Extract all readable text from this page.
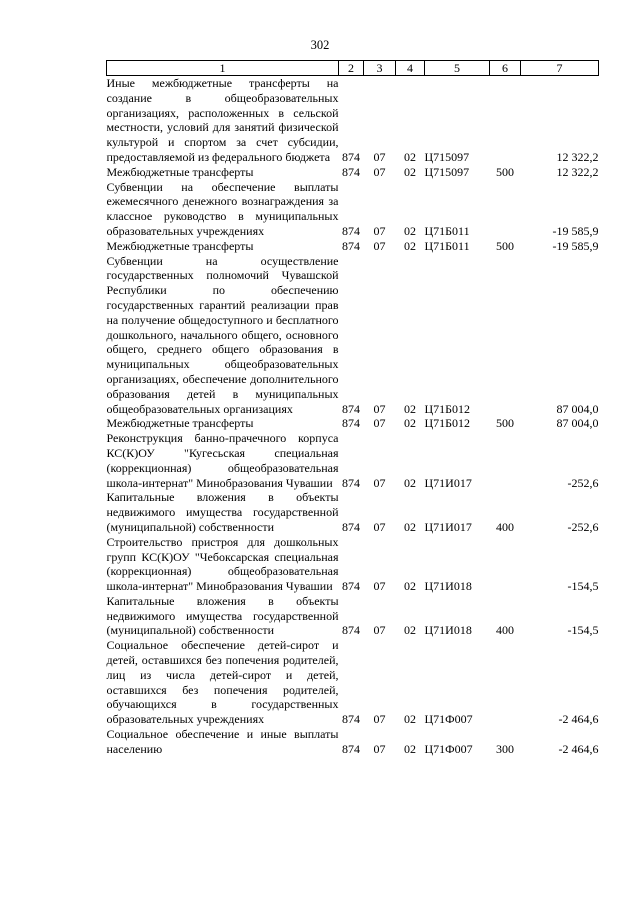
302
1	2	3	4	5	6	7
Иные межбюджетные трансферты на создание в общеобразовательных организациях, расположенных в сельской местности, условий для занятий физической культурой и спортом за счет субсидии, предоставляемой из федерального бюджета	874	07	02	Ц715097		12 322,2
Межбюджетные трансферты	874	07	02	Ц715097	500	12 322,2
Субвенции на обеспечение выплаты ежемесячного денежного вознаграждения за классное руководство в муниципальных образовательных учреждениях	874	07	02	Ц71Б011		-19 585,9
Межбюджетные трансферты	874	07	02	Ц71Б011	500	-19 585,9
Субвенции на осуществление государственных полномочий Чувашской Республики по обеспечению государственных гарантий реализации прав на получение общедоступного и бесплатного дошкольного, начального общего, основного общего, среднего общего образования в муниципальных общеобразовательных организациях, обеспечение дополнительного образования детей в муниципальных общеобразовательных организациях	874	07	02	Ц71Б012		87 004,0
Межбюджетные трансферты	874	07	02	Ц71Б012	500	87 004,0
Реконструкция банно-прачечного корпуса КС(К)ОУ "Кугесьская специальная (коррекционная) общеобразовательная школа-интернат" Минобразования Чувашии	874	07	02	Ц71И017		-252,6
Капитальные вложения в объекты недвижимого имущества государственной (муниципальной) собственности	874	07	02	Ц71И017	400	-252,6
Строительство пристроя для дошкольных групп КС(К)ОУ "Чебоксарская специальная (коррекционная) общеобразовательная школа-интернат" Минобразования Чувашии	874	07	02	Ц71И018		-154,5
Капитальные вложения в объекты недвижимого имущества государственной (муниципальной) собственности	874	07	02	Ц71И018	400	-154,5
Социальное обеспечение детей-сирот и детей, оставшихся без попечения родителей, лиц из числа детей-сирот и детей, оставшихся без попечения родителей, обучающихся в государственных образовательных учреждениях	874	07	02	Ц71Ф007		-2 464,6
Социальное обеспечение и иные выплаты населению	874	07	02	Ц71Ф007	300	-2 464,6
